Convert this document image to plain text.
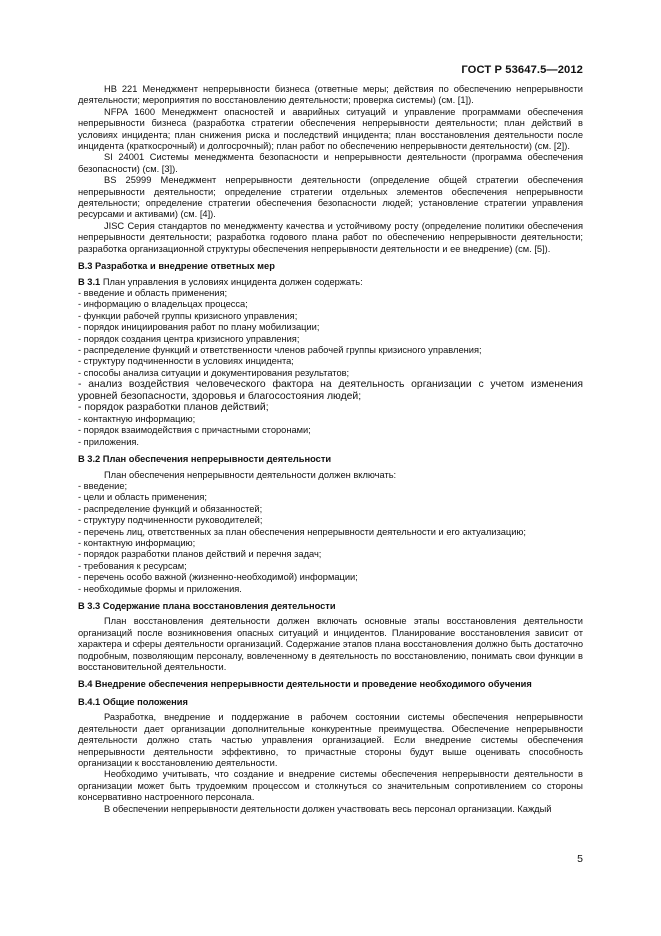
ГОСТ Р 53647.5—2012

НВ 221 Менеджмент непрерывности бизнеса (ответные меры; действия по обеспечению непрерывности деятельности; мероприятия по восстановлению деятельности; проверка системы) (см. [1]).

NFPA 1600 Менеджмент опасностей и аварийных ситуаций и управление программами обеспечения непрерывности бизнеса (разработка стратегии обеспечения непрерывности деятельности; план действий в условиях инцидента; план снижения риска и последствий инцидента; план восстановления деятельности после инцидента (краткосрочный) и долгосрочный); план работ по обеспечению непрерывности деятельности) (см. [2]).

SI 24001 Системы менеджмента безопасности и непрерывности деятельности (программа обеспечения безопасности) (см. [3]).

BS 25999 Менеджмент непрерывности деятельности (определение общей стратегии обеспечения непрерывности деятельности; определение стратегии отдельных элементов обеспечения непрерывности деятельности; определение стратегии обеспечения безопасности людей; установление стратегии управления ресурсами и активами) (см. [4]).

JISC Серия стандартов по менеджменту качества и устойчивому росту (определение политики обеспечения непрерывности деятельности; разработка годового плана работ по обеспечению непрерывности деятельности; разработка организационной структуры обеспечения непрерывности деятельности и ее внедрение) (см. [5]).

В.3 Разработка и внедрение ответных мер

В 3.1 План управления в условиях инцидента должен содержать:

- введение и область применения;

- информацию о владельцах процесса;

- функции рабочей группы кризисного управления;

- порядок инициирования работ по плану мобилизации;

- порядок создания центра кризисного управления;

- распределение функций и ответственности членов рабочей группы кризисного управления;

- структуру подчиненности в условиях инцидента;

- способы анализа ситуации и документирования результатов;

- анализ воздействия человеческого фактора на деятельность организации с учетом изменения уровней безопасности, здоровья и благосостояния людей;

- порядок разработки планов действий;

- контактную информацию;

- порядок взаимодействия с причастными сторонами;

- приложения.

В 3.2 План обеспечения непрерывности деятельности

План обеспечения непрерывности деятельности должен включать:

- введение;

- цели и область применения;

- распределение функций и обязанностей;

- структуру подчиненности руководителей;

- перечень лиц, ответственных за план обеспечения непрерывности деятельности и его актуализацию;

- контактную информацию;

- порядок разработки планов действий и перечня задач;

- требования к ресурсам;

- перечень особо важной (жизненно-необходимой) информации;

- необходимые формы и приложения.

В 3.3 Содержание плана восстановления деятельности

План восстановления деятельности должен включать основные этапы восстановления деятельности организаций после возникновения опасных ситуаций и инцидентов. Планирование восстановления зависит от характера и сферы деятельности организаций. Содержание этапов плана восстановления должно быть достаточно подробным, позволяющим персоналу, вовлеченному в деятельность по восстановлению, понимать свои функции в восстановительной деятельности.

В.4 Внедрение обеспечения непрерывности деятельности и проведение необходимого обучения

В.4.1 Общие положения

Разработка, внедрение и поддержание в рабочем состоянии системы обеспечения непрерывности деятельности дает организации дополнительные конкурентные преимущества. Обеспечение непрерывности деятельности должно стать частью управления организацией. Если внедрение системы обеспечения непрерывности деятельности эффективно, то причастные стороны будут выше оценивать способность организации к восстановлению деятельности.

Необходимо учитывать, что создание и внедрение системы обеспечения непрерывности деятельности в организации может быть трудоемким процессом и столкнуться со значительным сопротивлением со стороны консервативно настроенного персонала.

В обеспечении непрерывности деятельности должен участвовать весь персонал организации. Каждый

5
